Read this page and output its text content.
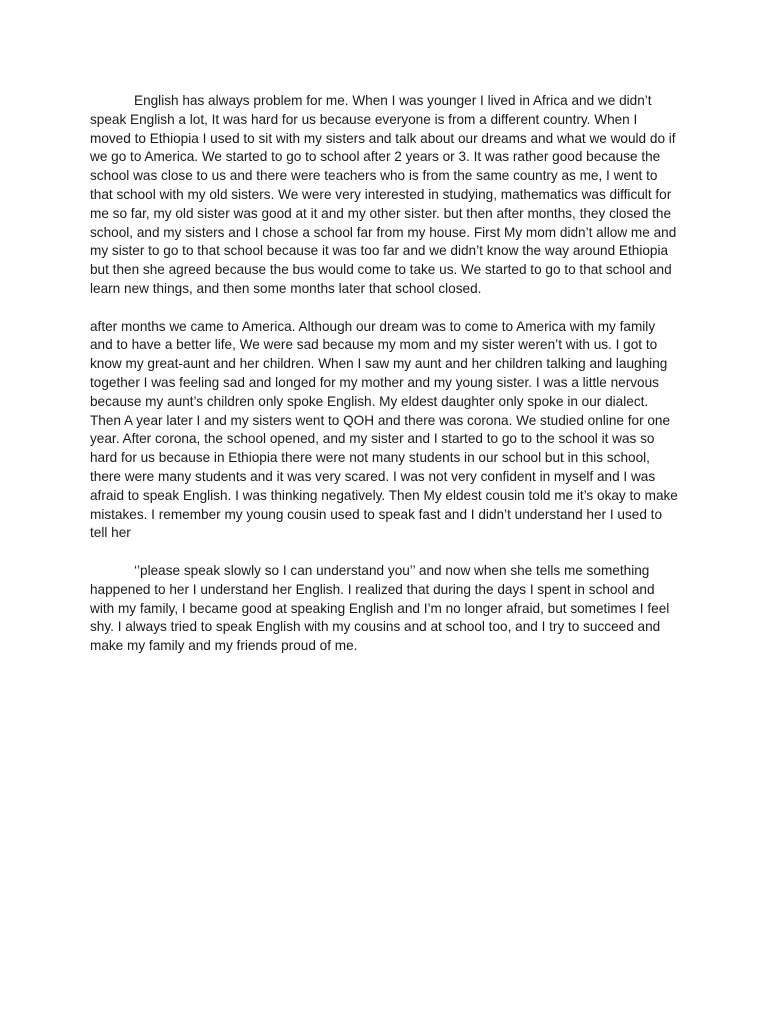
English has always problem for me. When I was younger I lived in Africa and we didn’t speak English a lot, It was hard for us because everyone is from a different country. When I moved to Ethiopia I used to sit with my sisters and talk about our dreams and what we would do if we go to America. We started to go to school after 2 years or 3. It was rather good because the school was close to us and there were teachers who is from the same country as me, I went to that school with my old sisters. We were very interested in studying, mathematics was difficult for me so far, my old sister was good at it and my other sister. but then after months, they closed the school, and my sisters and I chose a school far from my house. First My mom didn’t allow me and my sister to go to that school because it was too far and we didn’t know the way around Ethiopia but then she agreed because the bus would come to take us. We started to go to that school and learn new things, and then some months later that school closed.

after months we came to America. Although our dream was to come to America with my family and to have a better life, We were sad because my mom and my sister weren’t with us. I got to know my great-aunt and her children. When I saw my aunt and her children talking and laughing together I was feeling sad and longed for my mother and my young sister. I was a little nervous because my aunt’s children only spoke English. My eldest daughter only spoke in our dialect. Then A year later I and my sisters went to QOH and there was corona. We studied online for one year. After corona, the school opened, and my sister and I started to go to the school it was so hard for us because in Ethiopia there were not many students in our school but in this school, there were many students and it was very scared. I was not very confident in myself and I was afraid to speak English. I was thinking negatively. Then My eldest cousin told me it’s okay to make mistakes. I remember my young cousin used to speak fast and I didn’t understand her I used to tell her

‘’please speak slowly so I can understand you’’ and now when she tells me something happened to her I understand her English. I realized that during the days I spent in school and with my family, I became good at speaking English and I’m no longer afraid, but sometimes I feel shy. I always tried to speak English with my cousins and at school too, and I try to succeed and make my family and my friends proud of me.
